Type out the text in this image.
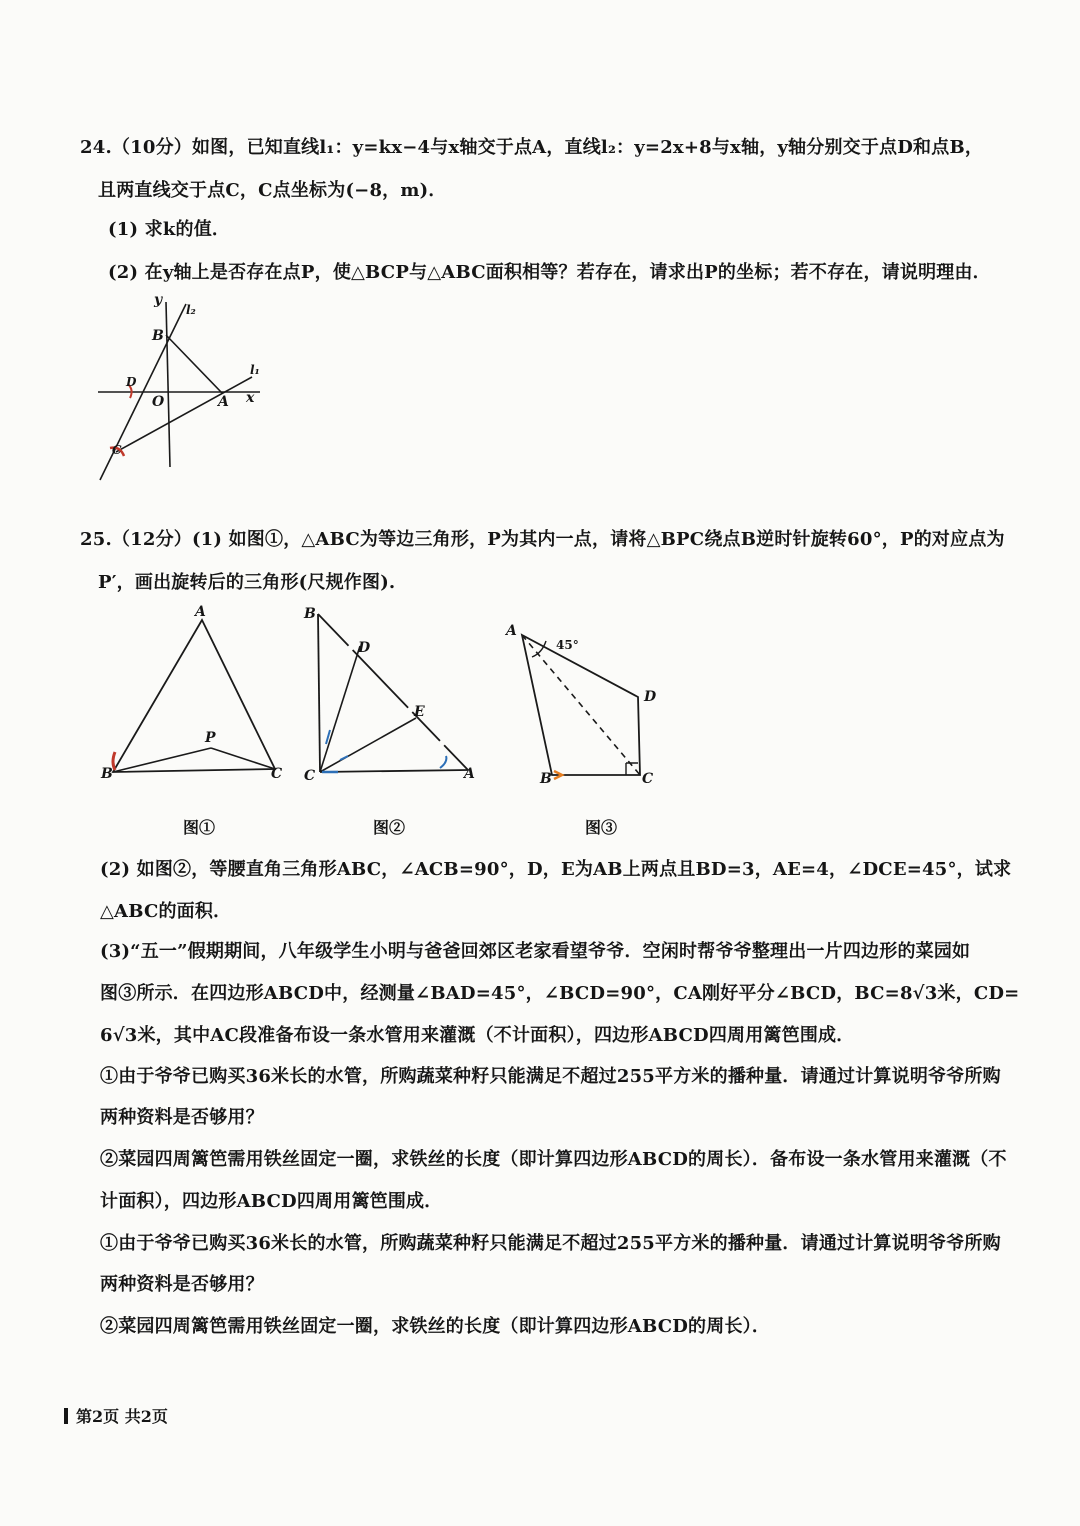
24.（10分）如图，已知直线l₁：y=kx−4与x轴交于点A，直线l₂：y=2x+8与x轴，y轴分别交于点D和点B，
且两直线交于点C，C点坐标为(−8，m)．
(1) 求k的值．
(2) 在y轴上是否存在点P，使△BCP与△ABC面积相等？若存在，请求出P的坐标；若不存在，请说明理由．
y
l₂
B
l₁
D
O	A x
C
25.（12分）(1) 如图①，△ABC为等边三角形，P为其内一点，请将△BPC绕点B逆时针旋转60°，P的对应点为
P′，画出旋转后的三角形(尺规作图).
A
B	C
P
B
D
E
C	A
A
45°
D
B	C
图①	图②	图③
(2) 如图②，等腰直角三角形ABC，∠ACB=90°，D，E为AB上两点且BD=3，AE=4，∠DCE=45°，试求
△ABC的面积．
(3)“五一”假期期间，八年级学生小明与爸爸回郊区老家看望爷爷．空闲时帮爷爷整理出一片四边形的菜园如
图③所示．在四边形ABCD中，经测量∠BAD=45°，∠BCD=90°，CA刚好平分∠BCD，BC=8√3米，CD=
6√3米，其中AC段准备布设一条水管用来灌溉（不计面积），四边形ABCD四周用篱笆围成．
①由于爷爷已购买36米长的水管，所购蔬菜种籽只能满足不超过255平方米的播种量．请通过计算说明爷爷所购
两种资料是否够用？
②菜园四周篱笆需用铁丝固定一圈，求铁丝的长度（即计算四边形ABCD的周长）．备布设一条水管用来灌溉（不
计面积），四边形ABCD四周用篱笆围成．
①由于爷爷已购买36米长的水管，所购蔬菜种籽只能满足不超过255平方米的播种量．请通过计算说明爷爷所购
两种资料是否够用？
②菜园四周篱笆需用铁丝固定一圈，求铁丝的长度（即计算四边形ABCD的周长）．
第2页 共2页
